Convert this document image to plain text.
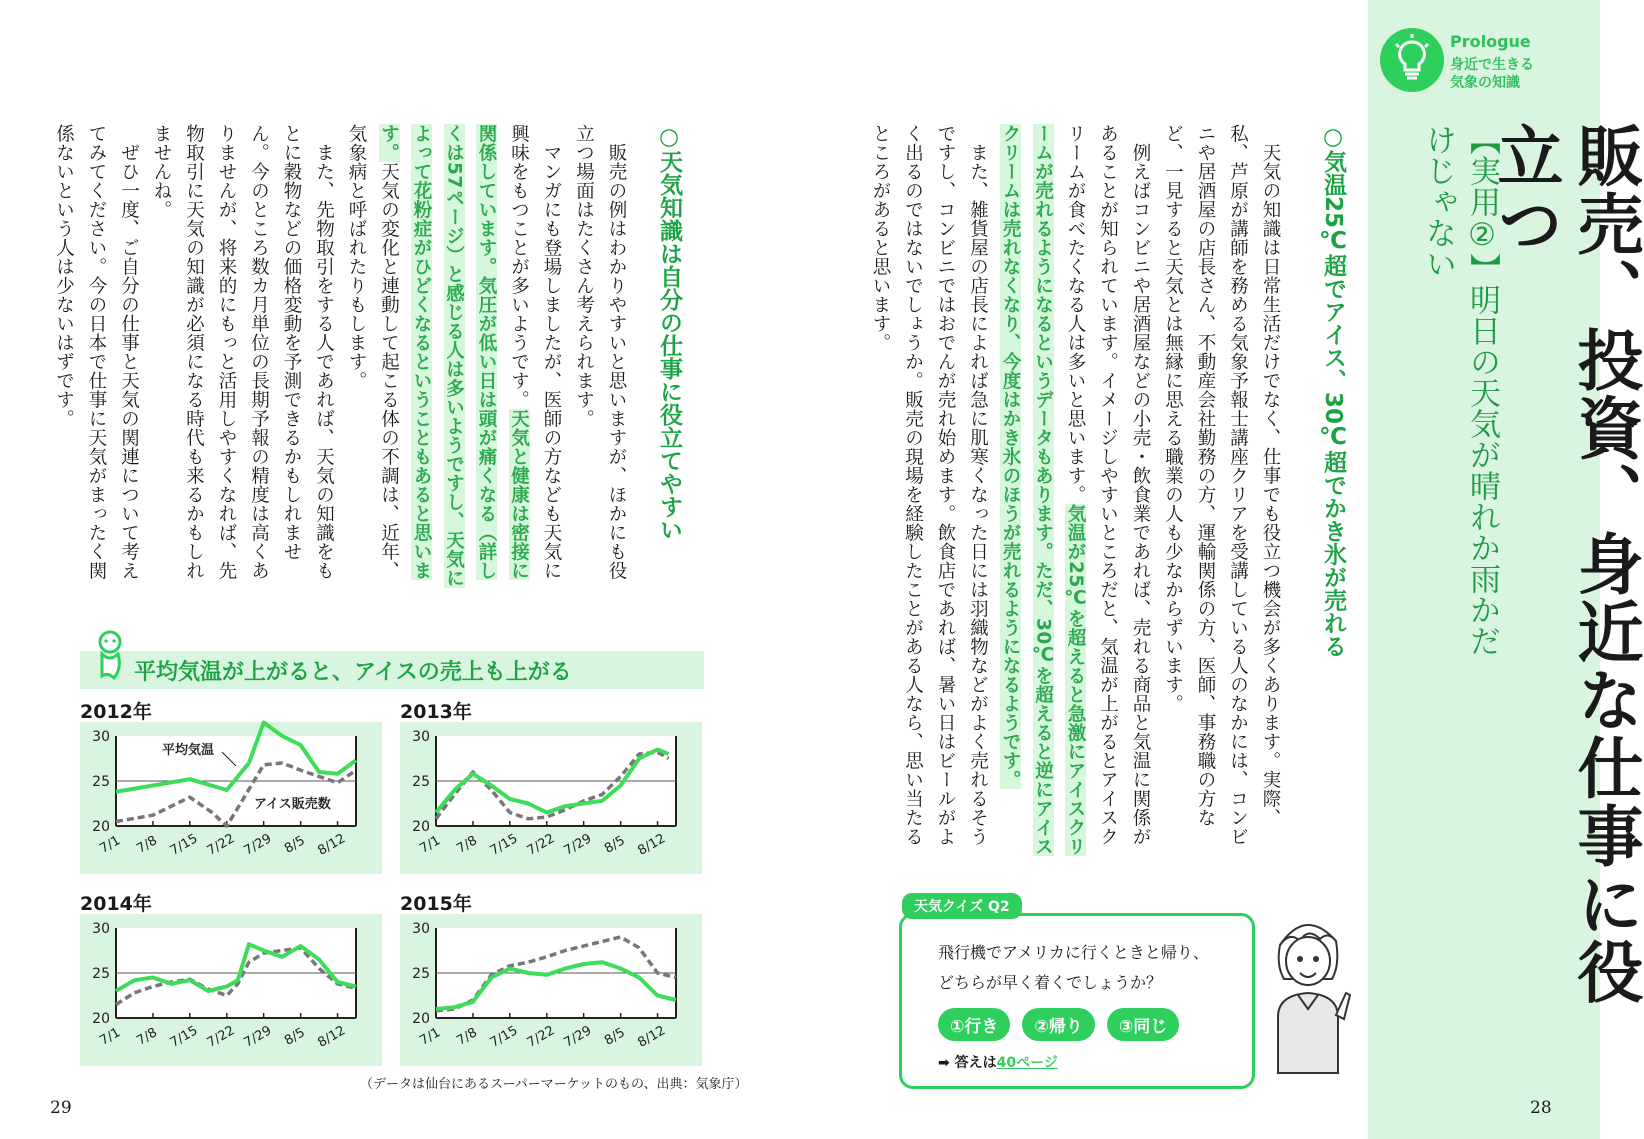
Prologue
身近で生きる
気象の知識
販売、投資、身近な仕事に役立つ
【実用②】明日の天気が晴れか雨かだけじゃない
○気温25℃超でアイス、30℃超でかき氷が売れる

天気の知識は日常生活だけでなく、仕事でも役立つ機会が多くあります。実際、私、芦原が講師を務める気象予報士講座クリアを受講している人のなかには、コンビニや居酒屋の店長さん、不動産会社勤務の方、運輸関係の方、医師、事務職の方など、一見すると天気とは無縁に思える職業の人も少なからずいます。

例えばコンビニや居酒屋などの小売・飲食業であれば、売れる商品と気温に関係があることが知られています。イメージしやすいところだと、気温が上がるとアイスクリームが食べたくなる人は多いと思います。気温が25℃を超えると急激にアイスクリームが売れるようになるというデータもあります。ただ、30℃を超えると逆にアイスクリームは売れなくなり、今度はかき氷のほうが売れるようになるようです。

また、雑貨屋の店長によれば急に肌寒くなった日には羽織物などがよく売れるそうですし、コンビニではおでんが売れ始めます。飲食店であれば、暑い日はビールがよく出るのではないでしょうか。販売の現場を経験したことがある人なら、思い当たるところがあると思います。

○天気知識は自分の仕事に役立てやすい

販売の例はわかりやすいと思いますが、ほかにも役立つ場面はたくさん考えられます。

マンガにも登場しましたが、医師の方なども天気に興味をもつことが多いようです。天気と健康は密接に関係しています。気圧が低い日は頭が痛くなる（詳しくは57ページ）と感じる人は多いようですし、天気によって花粉症がひどくなるということもあると思います。天気の変化と連動して起こる体の不調は、近年、気象病と呼ばれたりもします。

また、先物取引をする人であれば、天気の知識をもとに穀物などの価格変動を予測できるかもしれません。今のところ数カ月単位の長期予報の精度は高くありませんが、将来的にもっと活用しやすくなれば、先物取引に天気の知識が必須になる時代も来るかもしれませんね。

ぜひ一度、ご自分の仕事と天気の関連について考えてみてください。今の日本で仕事に天気がまったく関係ないという人は少ないはずです。

平均気温が上がると、アイスの売上も上がる
2012年	2013年
2014年	2015年
20
25
30
7/1 7/8 7/15 7/22 7/29 8/5 8/12
平均気温
アイス販売数
20
25
30
7/1 7/8 7/15 7/22 7/29 8/5 8/12
20
25
30
7/1 7/8 7/15 7/22 7/29 8/5 8/12
20
25
30
7/1 7/8 7/15 7/22 7/29 8/5 8/12
（データは仙台にあるスーパーマーケットのもの、出典：気象庁）
天気クイズ Q2
飛行機でアメリカに行くときと帰り、
どちらが早く着くでしょうか？
①行き ②帰り ③同じ
➡ 答えは40ページ
29	28
